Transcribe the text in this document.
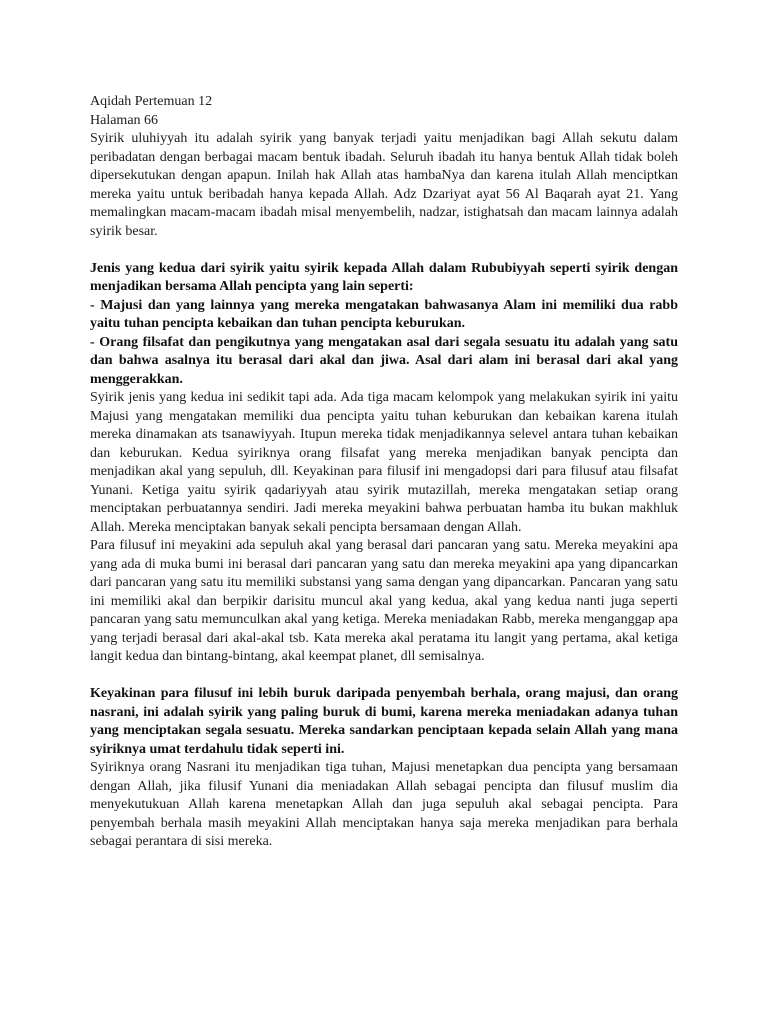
Aqidah Pertemuan 12

Halaman 66

Syirik uluhiyyah itu adalah syirik yang banyak terjadi yaitu menjadikan bagi Allah sekutu dalam peribadatan dengan berbagai macam bentuk ibadah. Seluruh ibadah itu hanya bentuk Allah tidak boleh dipersekutukan dengan apapun. Inilah hak Allah atas hambaNya dan karena itulah Allah menciptkan mereka yaitu untuk beribadah hanya kepada Allah. Adz Dzariyat ayat 56 Al Baqarah ayat 21. Yang memalingkan macam-macam ibadah misal menyembelih, nadzar, istighatsah dan macam lainnya adalah syirik besar.

Jenis yang kedua dari syirik yaitu syirik kepada Allah dalam Rububiyyah seperti syirik dengan menjadikan bersama Allah pencipta yang lain seperti:

- Majusi dan yang lainnya yang mereka mengatakan bahwasanya Alam ini memiliki dua rabb yaitu tuhan pencipta kebaikan dan tuhan pencipta keburukan.

- Orang filsafat dan pengikutnya yang mengatakan asal dari segala sesuatu itu adalah yang satu dan bahwa asalnya itu berasal dari akal dan jiwa. Asal dari alam ini berasal dari akal yang menggerakkan.

Syirik jenis yang kedua ini sedikit tapi ada. Ada tiga macam kelompok yang melakukan syirik ini yaitu Majusi yang mengatakan memiliki dua pencipta yaitu tuhan keburukan dan kebaikan karena itulah mereka dinamakan ats tsanawiyyah. Itupun mereka tidak menjadikannya selevel antara tuhan kebaikan dan keburukan. Kedua syiriknya orang filsafat yang mereka menjadikan banyak pencipta dan menjadikan akal yang sepuluh, dll. Keyakinan para filusif ini mengadopsi dari para filusuf atau filsafat Yunani. Ketiga yaitu syirik qadariyyah atau syirik mutazillah, mereka mengatakan setiap orang menciptakan perbuatannya sendiri. Jadi mereka meyakini bahwa perbuatan hamba itu bukan makhluk Allah. Mereka menciptakan banyak sekali pencipta bersamaan dengan Allah.

Para filusuf ini meyakini ada sepuluh akal yang berasal dari pancaran yang satu. Mereka meyakini apa yang ada di muka bumi ini berasal dari pancaran yang satu dan mereka meyakini apa yang dipancarkan dari pancaran yang satu itu memiliki substansi yang sama dengan yang dipancarkan. Pancaran yang satu ini memiliki akal dan berpikir darisitu muncul akal yang kedua, akal yang kedua nanti juga seperti pancaran yang satu memunculkan akal yang ketiga. Mereka meniadakan Rabb, mereka menganggap apa yang terjadi berasal dari akal-akal tsb. Kata mereka akal peratama itu langit yang pertama, akal ketiga langit kedua dan bintang-bintang, akal keempat planet, dll semisalnya.

Keyakinan para filusuf ini lebih buruk daripada penyembah berhala, orang majusi, dan orang nasrani, ini adalah syirik yang paling buruk di bumi, karena mereka meniadakan adanya tuhan yang menciptakan segala sesuatu. Mereka sandarkan penciptaan kepada selain Allah yang mana syiriknya umat terdahulu tidak seperti ini.

Syiriknya orang Nasrani itu menjadikan tiga tuhan, Majusi menetapkan dua pencipta yang bersamaan dengan Allah, jika filusif Yunani dia meniadakan Allah sebagai pencipta dan filusuf muslim dia menyekutukuan Allah karena menetapkan Allah dan juga sepuluh akal sebagai pencipta. Para penyembah berhala masih meyakini Allah menciptakan hanya saja mereka menjadikan para berhala sebagai perantara di sisi mereka.
